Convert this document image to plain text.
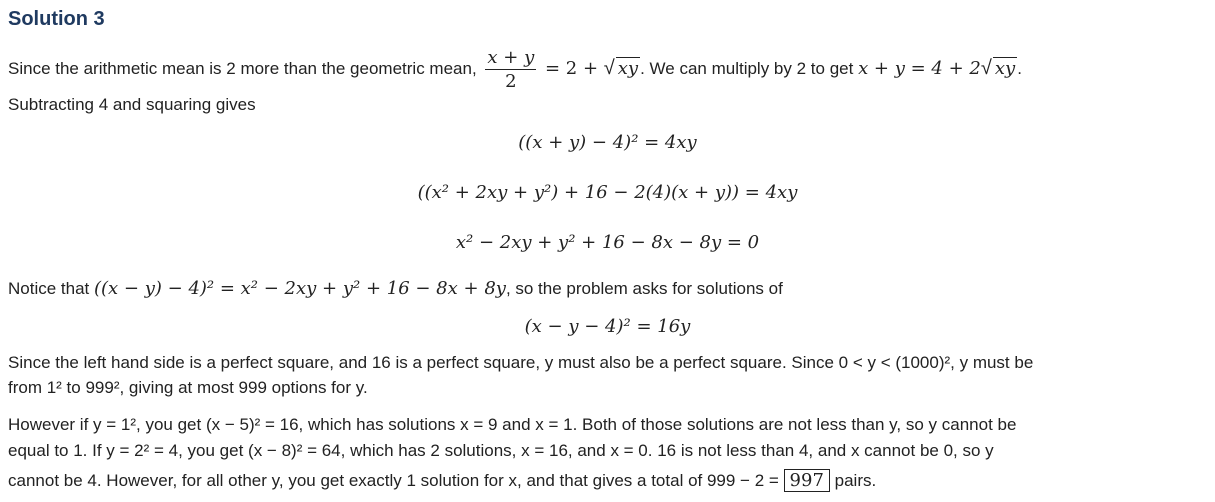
Solution 3
Since the arithmetic mean is 2 more than the geometric mean, $\frac{x + y}{2} = 2$ + √ xy . We can multiply by 2 to get x + y = 4 + 2√ xy .
Subtracting 4 and squaring gives
((x + y) − 4)² = 4xy
((x² + 2xy + y²) + 16 − 2(4)(x + y)) = 4xy
x² − 2xy + y² + 16 − 8x − 8y = 0
Notice that ((x − y) − 4)² = x² − 2xy + y² + 16 − 8x + 8y, so the problem asks for solutions of
(x − y − 4)² = 16y
Since the left hand side is a perfect square, and 16 is a perfect square, y must also be a perfect square. Since 0 < y < (1000)², y must be
from 1² to 999², giving at most 999 options for y.
However if y = 1², you get (x − 5)² = 16, which has solutions x = 9 and x = 1. Both of those solutions are not less than y, so y cannot be
equal to 1. If y = 2² = 4, you get (x − 8)² = 64, which has 2 solutions, x = 16, and x = 0. 16 is not less than 4, and x cannot be 0, so y
cannot be 4. However, for all other y, you get exactly 1 solution for x, and that gives a total of 999 − 2 = 997 pairs.
